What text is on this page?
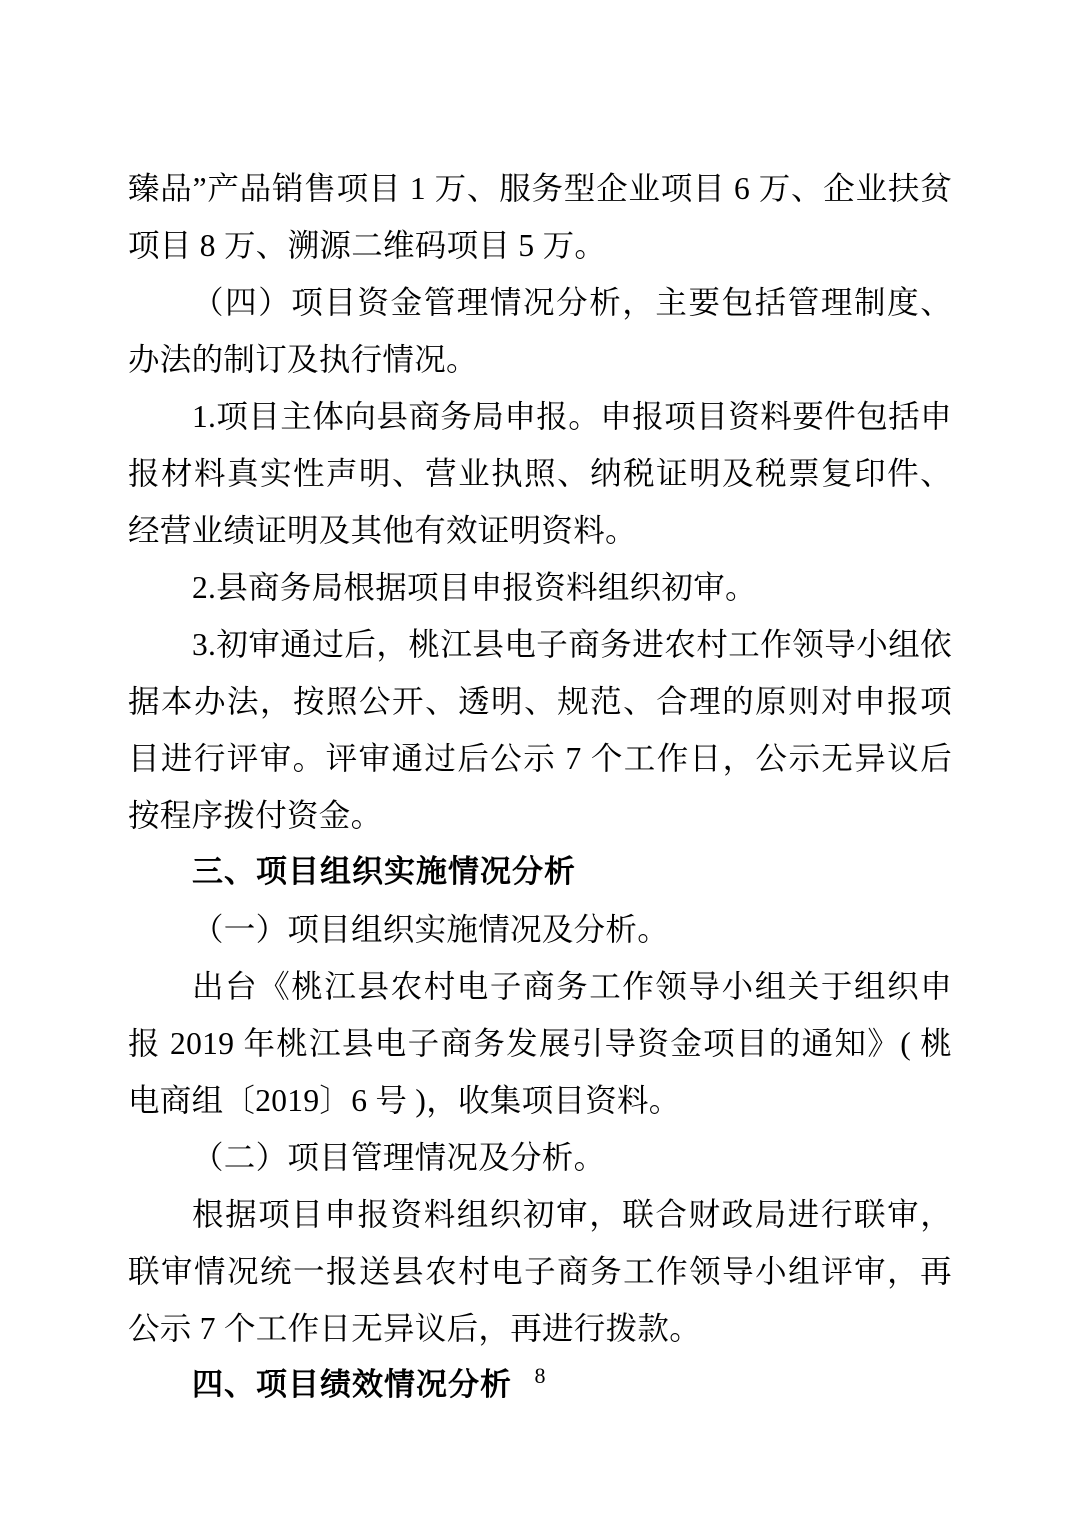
臻品”产品销售项目 1 万、服务型企业项目 6 万、企业扶贫项目 8 万、溯源二维码项目 5 万。

（四）项目资金管理情况分析，主要包括管理制度、办法的制订及执行情况。

1.项目主体向县商务局申报。申报项目资料要件包括申报材料真实性声明、营业执照、纳税证明及税票复印件、经营业绩证明及其他有效证明资料。

2.县商务局根据项目申报资料组织初审。

3.初审通过后，桃江县电子商务进农村工作领导小组依据本办法，按照公开、透明、规范、合理的原则对申报项目进行评审。评审通过后公示 7 个工作日，公示无异议后按程序拨付资金。

三、项目组织实施情况分析

（一）项目组织实施情况及分析。

出台《桃江县农村电子商务工作领导小组关于组织申报 2019 年桃江县电子商务发展引导资金项目的通知》( 桃电商组〔2019〕6 号 )，收集项目资料。

（二）项目管理情况及分析。

根据项目申报资料组织初审，联合财政局进行联审，联审情况统一报送县农村电子商务工作领导小组评审，再公示 7 个工作日无异议后，再进行拨款。

四、项目绩效情况分析	8
